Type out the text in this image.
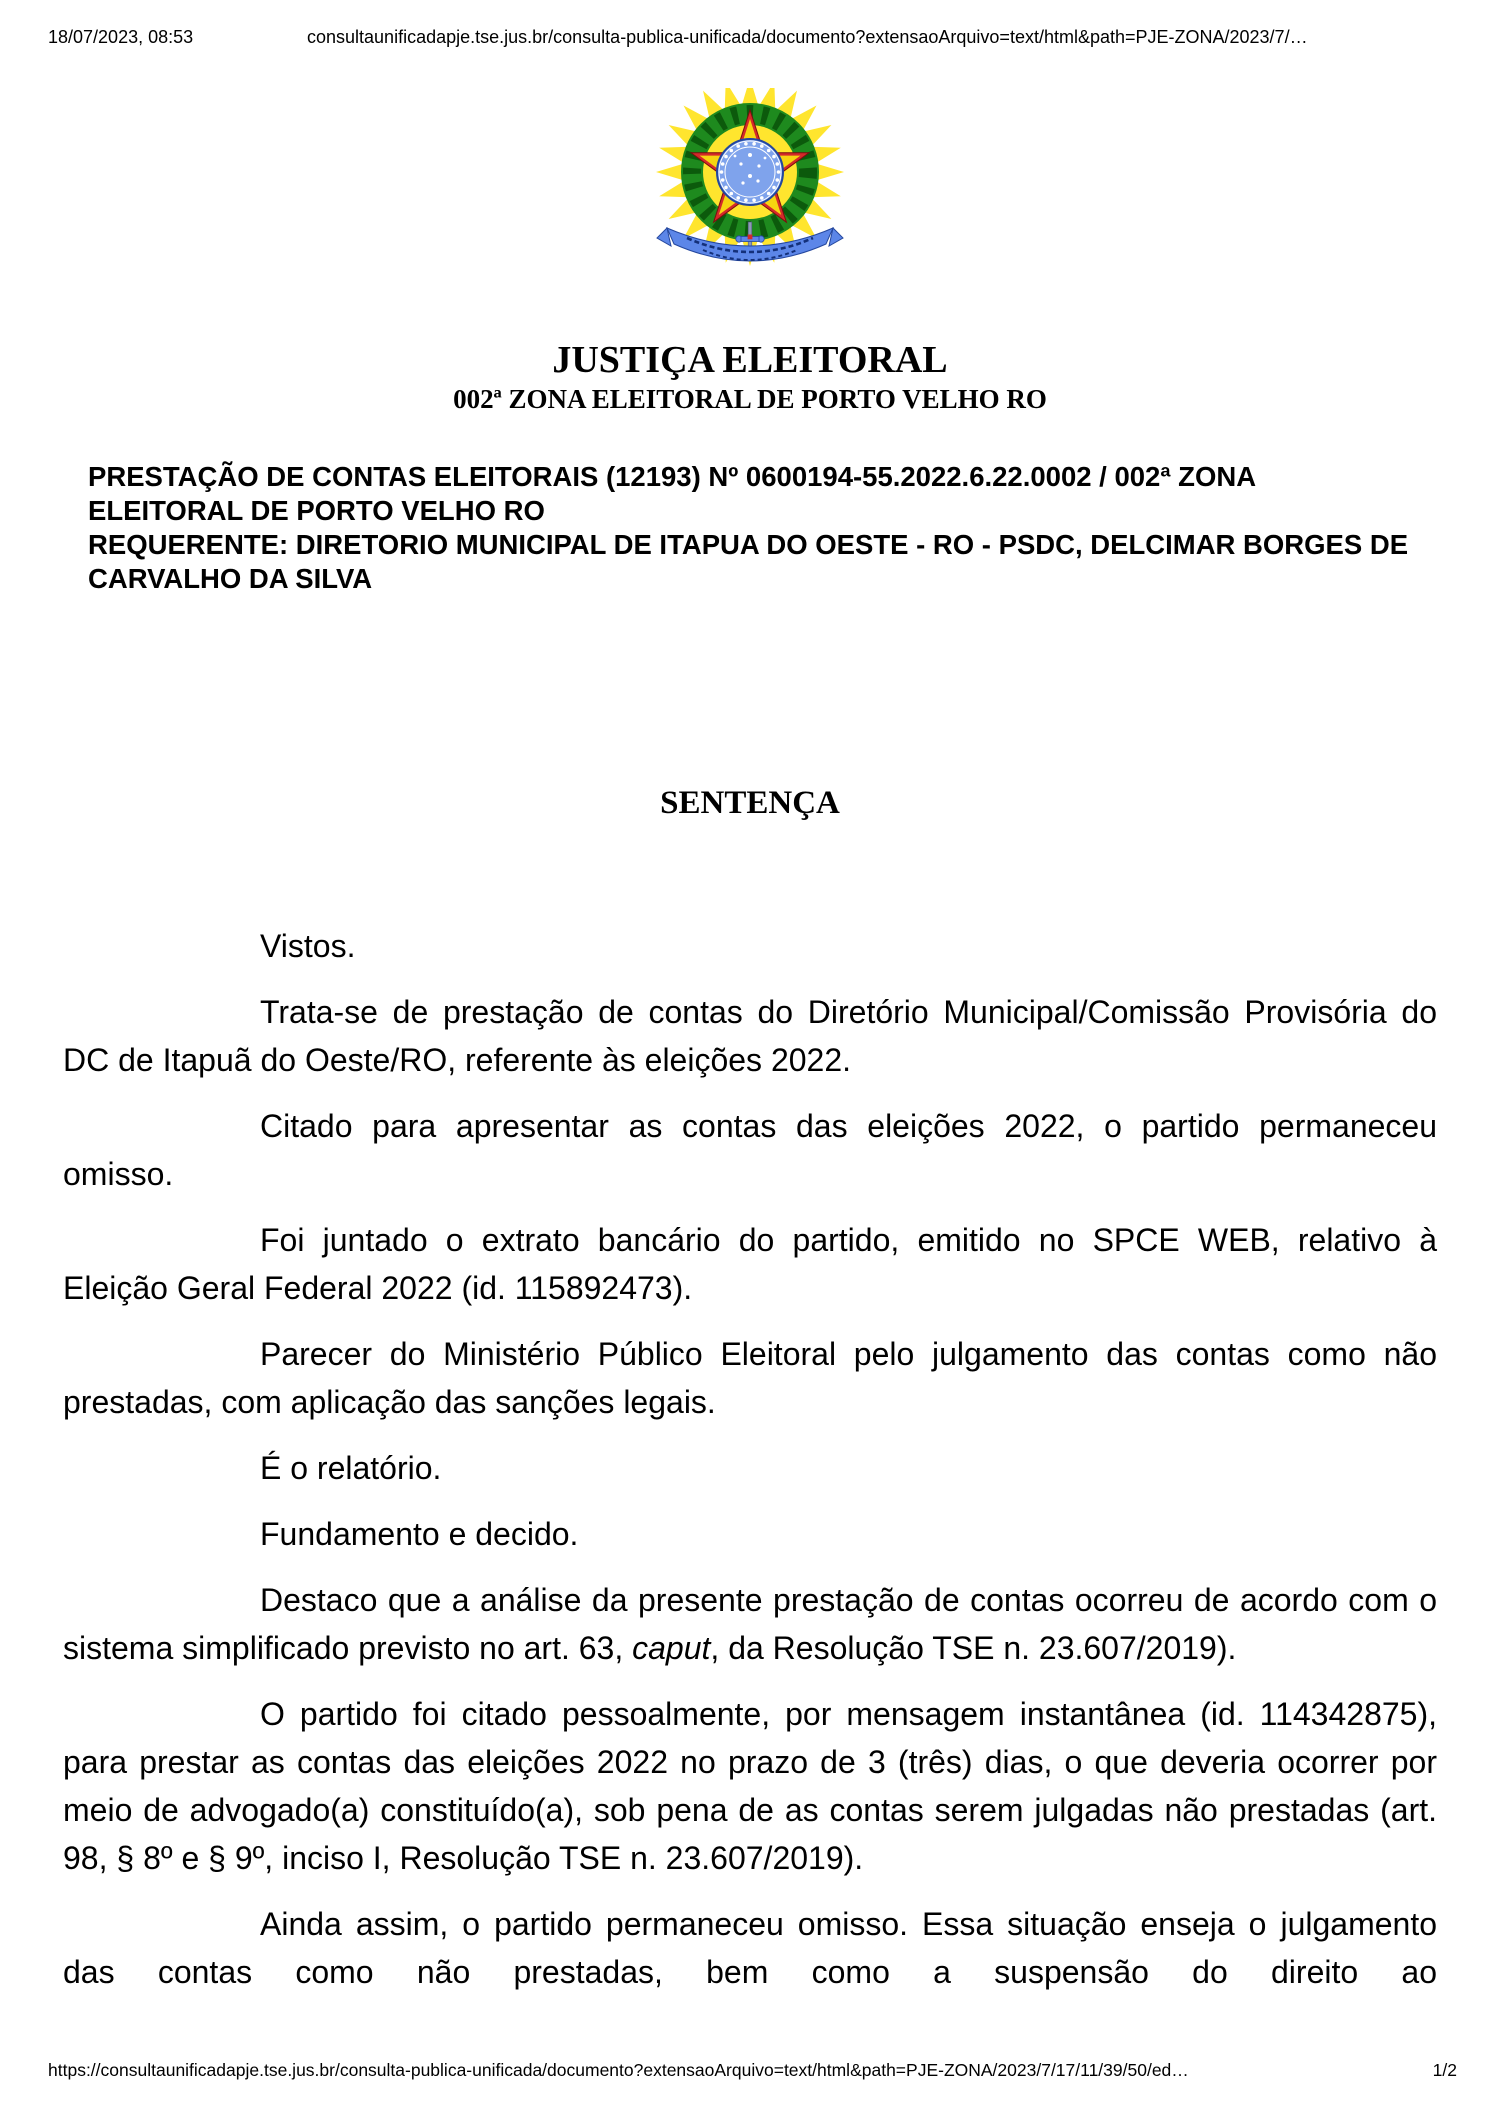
18/07/2023, 08:53	consultaunificadapje.tse.jus.br/consulta-publica-unificada/documento?extensaoArquivo=text/html&path=PJE-ZONA/2023/7/…
JUSTIÇA ELEITORAL
002ª ZONA ELEITORAL DE PORTO VELHO RO
PRESTAÇÃO DE CONTAS ELEITORAIS (12193) Nº 0600194-55.2022.6.22.0002 / 002ª ZONA ELEITORAL DE PORTO VELHO RO
REQUERENTE: DIRETORIO MUNICIPAL DE ITAPUA DO OESTE - RO - PSDC, DELCIMAR BORGES DE CARVALHO DA SILVA
SENTENÇA

Vistos.

Trata-se de prestação de contas do Diretório Municipal/Comissão Provisória do DC de Itapuã do Oeste/RO, referente às eleições 2022.

Citado para apresentar as contas das eleições 2022, o partido permaneceu omisso.

Foi juntado o extrato bancário do partido, emitido no SPCE WEB, relativo à Eleição Geral Federal 2022 (id. 115892473).

Parecer do Ministério Público Eleitoral pelo julgamento das contas como não prestadas, com aplicação das sanções legais.

É o relatório.

Fundamento e decido.

Destaco que a análise da presente prestação de contas ocorreu de acordo com o sistema simplificado previsto no art. 63, caput, da Resolução TSE n. 23.607/2019).

O partido foi citado pessoalmente, por mensagem instantânea (id. 114342875), para prestar as contas das eleições 2022 no prazo de 3 (três) dias, o que deveria ocorrer por meio de advogado(a) constituído(a), sob pena de as contas serem julgadas não prestadas (art. 98, § 8º e § 9º, inciso I, Resolução TSE n. 23.607/2019).

Ainda assim, o partido permaneceu omisso. Essa situação enseja o julgamento das contas como não prestadas, bem como a suspensão do direito ao

https://consultaunificadapje.tse.jus.br/consulta-publica-unificada/documento?extensaoArquivo=text/html&path=PJE-ZONA/2023/7/17/11/39/50/ed…	1/2
